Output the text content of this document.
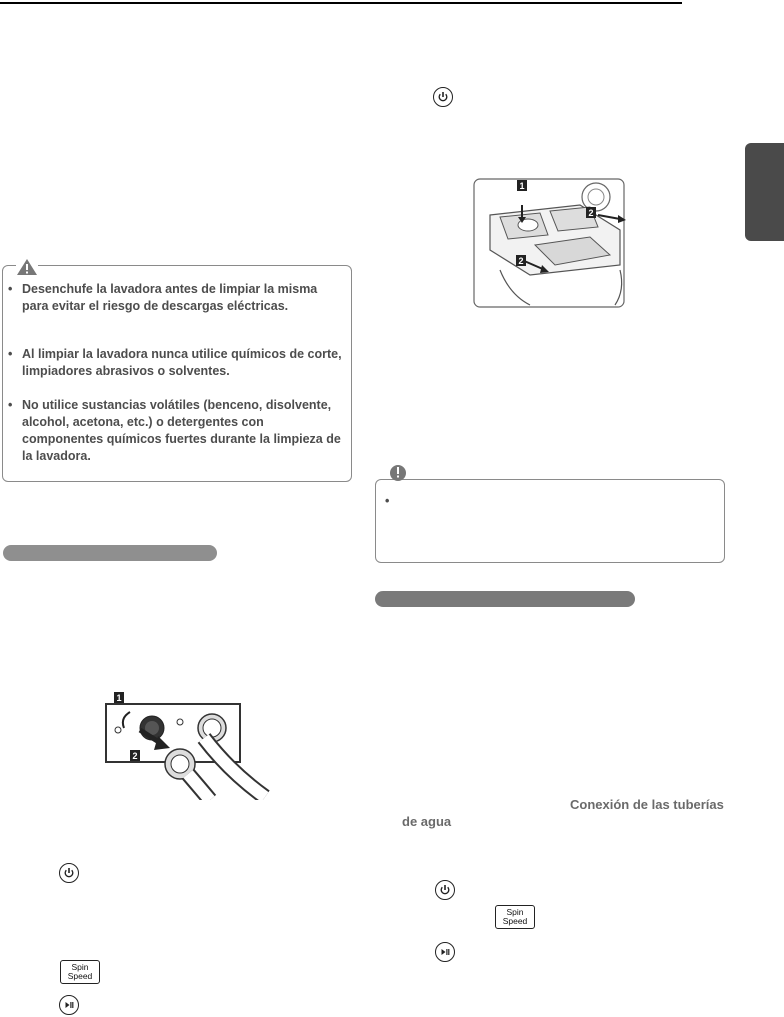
1
2
2
• Desenchufe la lavadora antes de limpiar la misma para evitar el riesgo de descargas eléctricas.
• Al limpiar la lavadora nunca utilice químicos de corte, limpiadores abrasivos o solventes.
• No utilice sustancias volátiles (benceno, disolvente, alcohol, acetona, etc.) o detergentes con componentes químicos fuertes durante la limpieza de la lavadora.
•
1
2
Conexión de las tuberías
de agua
Spin
Speed
Spin
Speed
